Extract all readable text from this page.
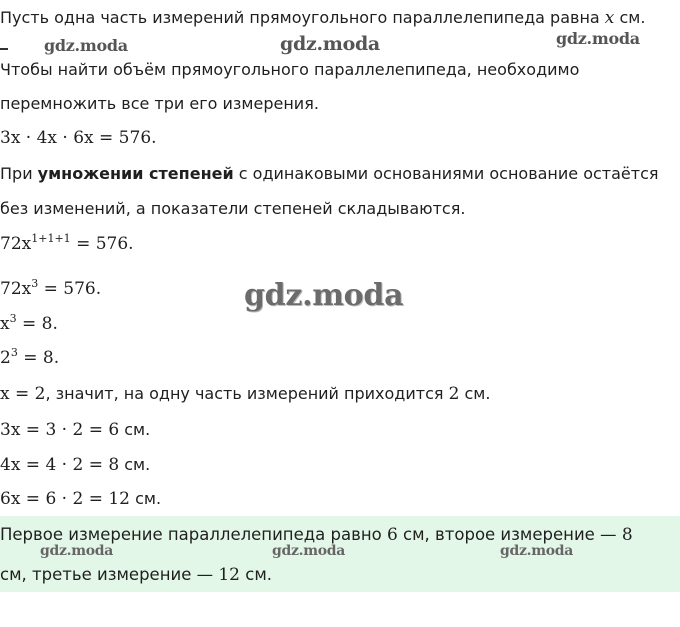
Пусть одна часть измерений прямоугольного параллелепипеда равна x см.
gdz.moda	gdz.moda	gdz.moda
Чтобы найти объём прямоугольного параллелепипеда, необходимо
перемножить все три его измерения.
3x · 4x · 6x = 576.
При умножении степеней с одинаковыми основаниями основание остаётся
без изменений, а показатели степеней складываются.
$72x^{1+1+1} = 576$.
gdz.moda
$72x^3 = 576$.
$x^3 = 8$.
$2^3 = 8$.
x = 2, значит, на одну часть измерений приходится 2 см.
3x = 3 · 2 = 6 см.
4x = 4 · 2 = 8 см.
6x = 6 · 2 = 12 см.
Первое измерение параллелепипеда равно 6 см, второе измерение — 8
gdz.moda	gdz.moda	gdz.moda
см, третье измерение — 12 см.
